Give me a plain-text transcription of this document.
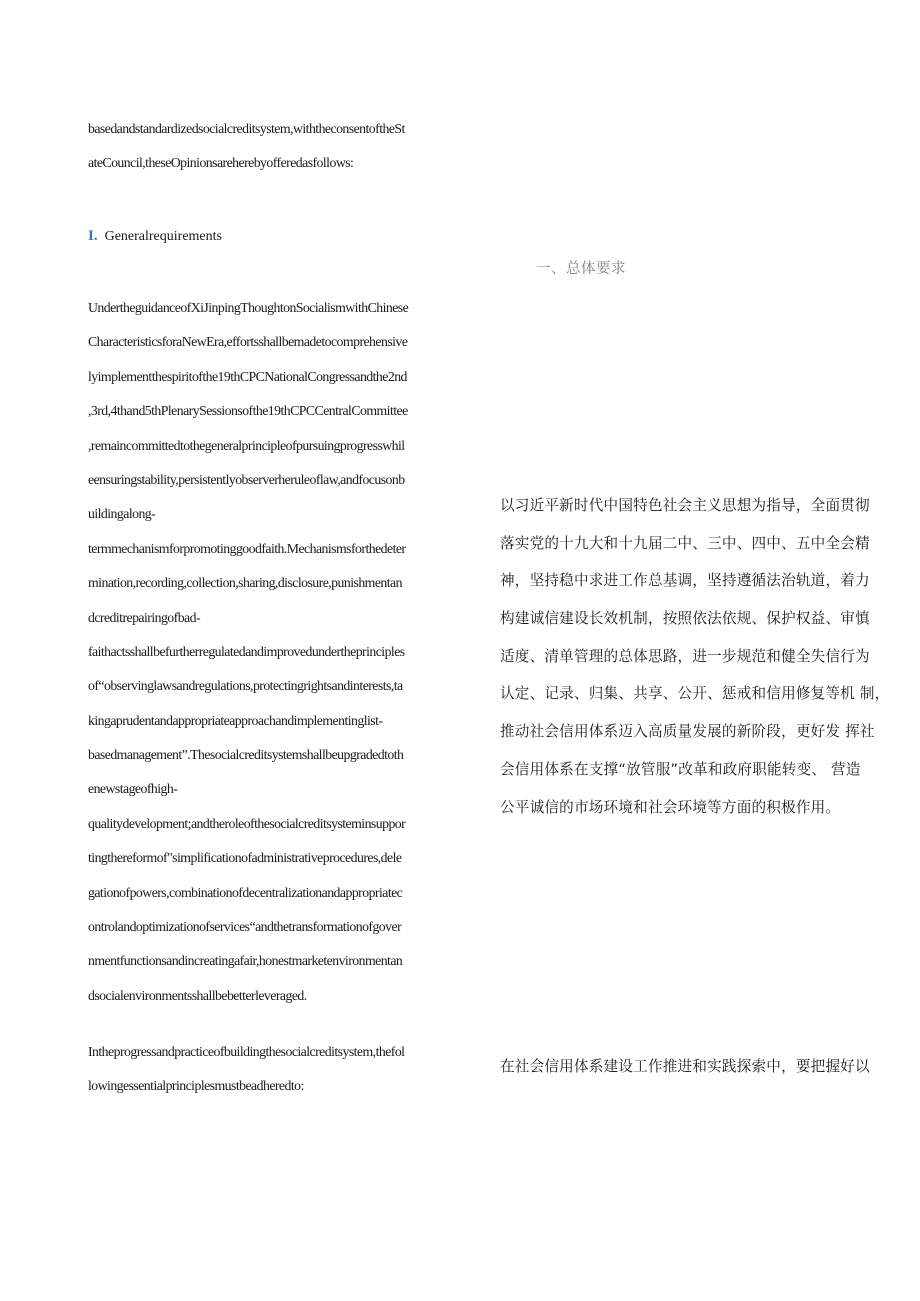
basedandstandardizedsocialcreditsystem,withtheconsentoftheSt
ateCouncil,theseOpinionsareherebyofferedasfollows:
I. Generalrequirements
一、总体要求
UndertheguidanceofXiJinpingThoughtonSocialismwithChinese
CharacteristicsforaNewEra,effortsshallbemadetocomprehensive
lyimplementthespiritofthe19thCPCNationalCongressandthe2nd
,3rd,4thand5thPlenarySessionsofthe19thCPCCentralCommittee
,remaincommittedtothegeneralprincipleofpursuingprogresswhil
eensuringstability,persistentlyobserverheruleoflaw,andfocusonb
uildingalong-
termmechanismforpromotinggoodfaith.Mechanismsforthedeter
mination,recording,collection,sharing,disclosure,punishmentan
dcreditrepairingofbad-
faithactsshallbefurtherregulatedandimprovedundertheprinciples
of“observinglawsandregulations,protectingrightsandinterests,ta
kingaprudentandappropriateapproachandimplementinglist-
basedmanagement”.Thesocialcreditsystemshallbeupgradedtoth
enewstageofhigh-
qualitydevelopment;andtheroleofthesocialcreditsysteminsuppor
tingthereformof"simplificationofadministrativeprocedures,dele
gationofpowers,combinationofdecentralizationandappropriatec
ontrolandoptimizationofservices“andthetransformationofgover
nmentfunctionsandincreatingafair,honestmarketenvironmentan
dsocialenvironmentsshallbebetterleveraged.
以习近平新时代中国特色社会主义思想为指导，全面贯彻
落实党的十九大和十九届二中、三中、四中、五中全会精
神，坚持稳中求进工作总基调，坚持遵循法治轨道，着力
构建诚信建设长效机制，按照依法依规、保护权益、审慎
适度、清单管理的总体思路，进一步规范和健全失信行为
认定、记录、归集、共享、公开、惩戒和信用修复等机 制，
推动社会信用体系迈入高质量发展的新阶段，更好发 挥社
会信用体系在支撑“放管服”改革和政府职能转变、 营造
公平诚信的市场环境和社会环境等方面的积极作用。
Intheprogressandpracticeofbuildingthesocialcreditsystem,thefol
lowingessentialprinciplesmustbeadheredto:
在社会信用体系建设工作推进和实践探索中，要把握好以
